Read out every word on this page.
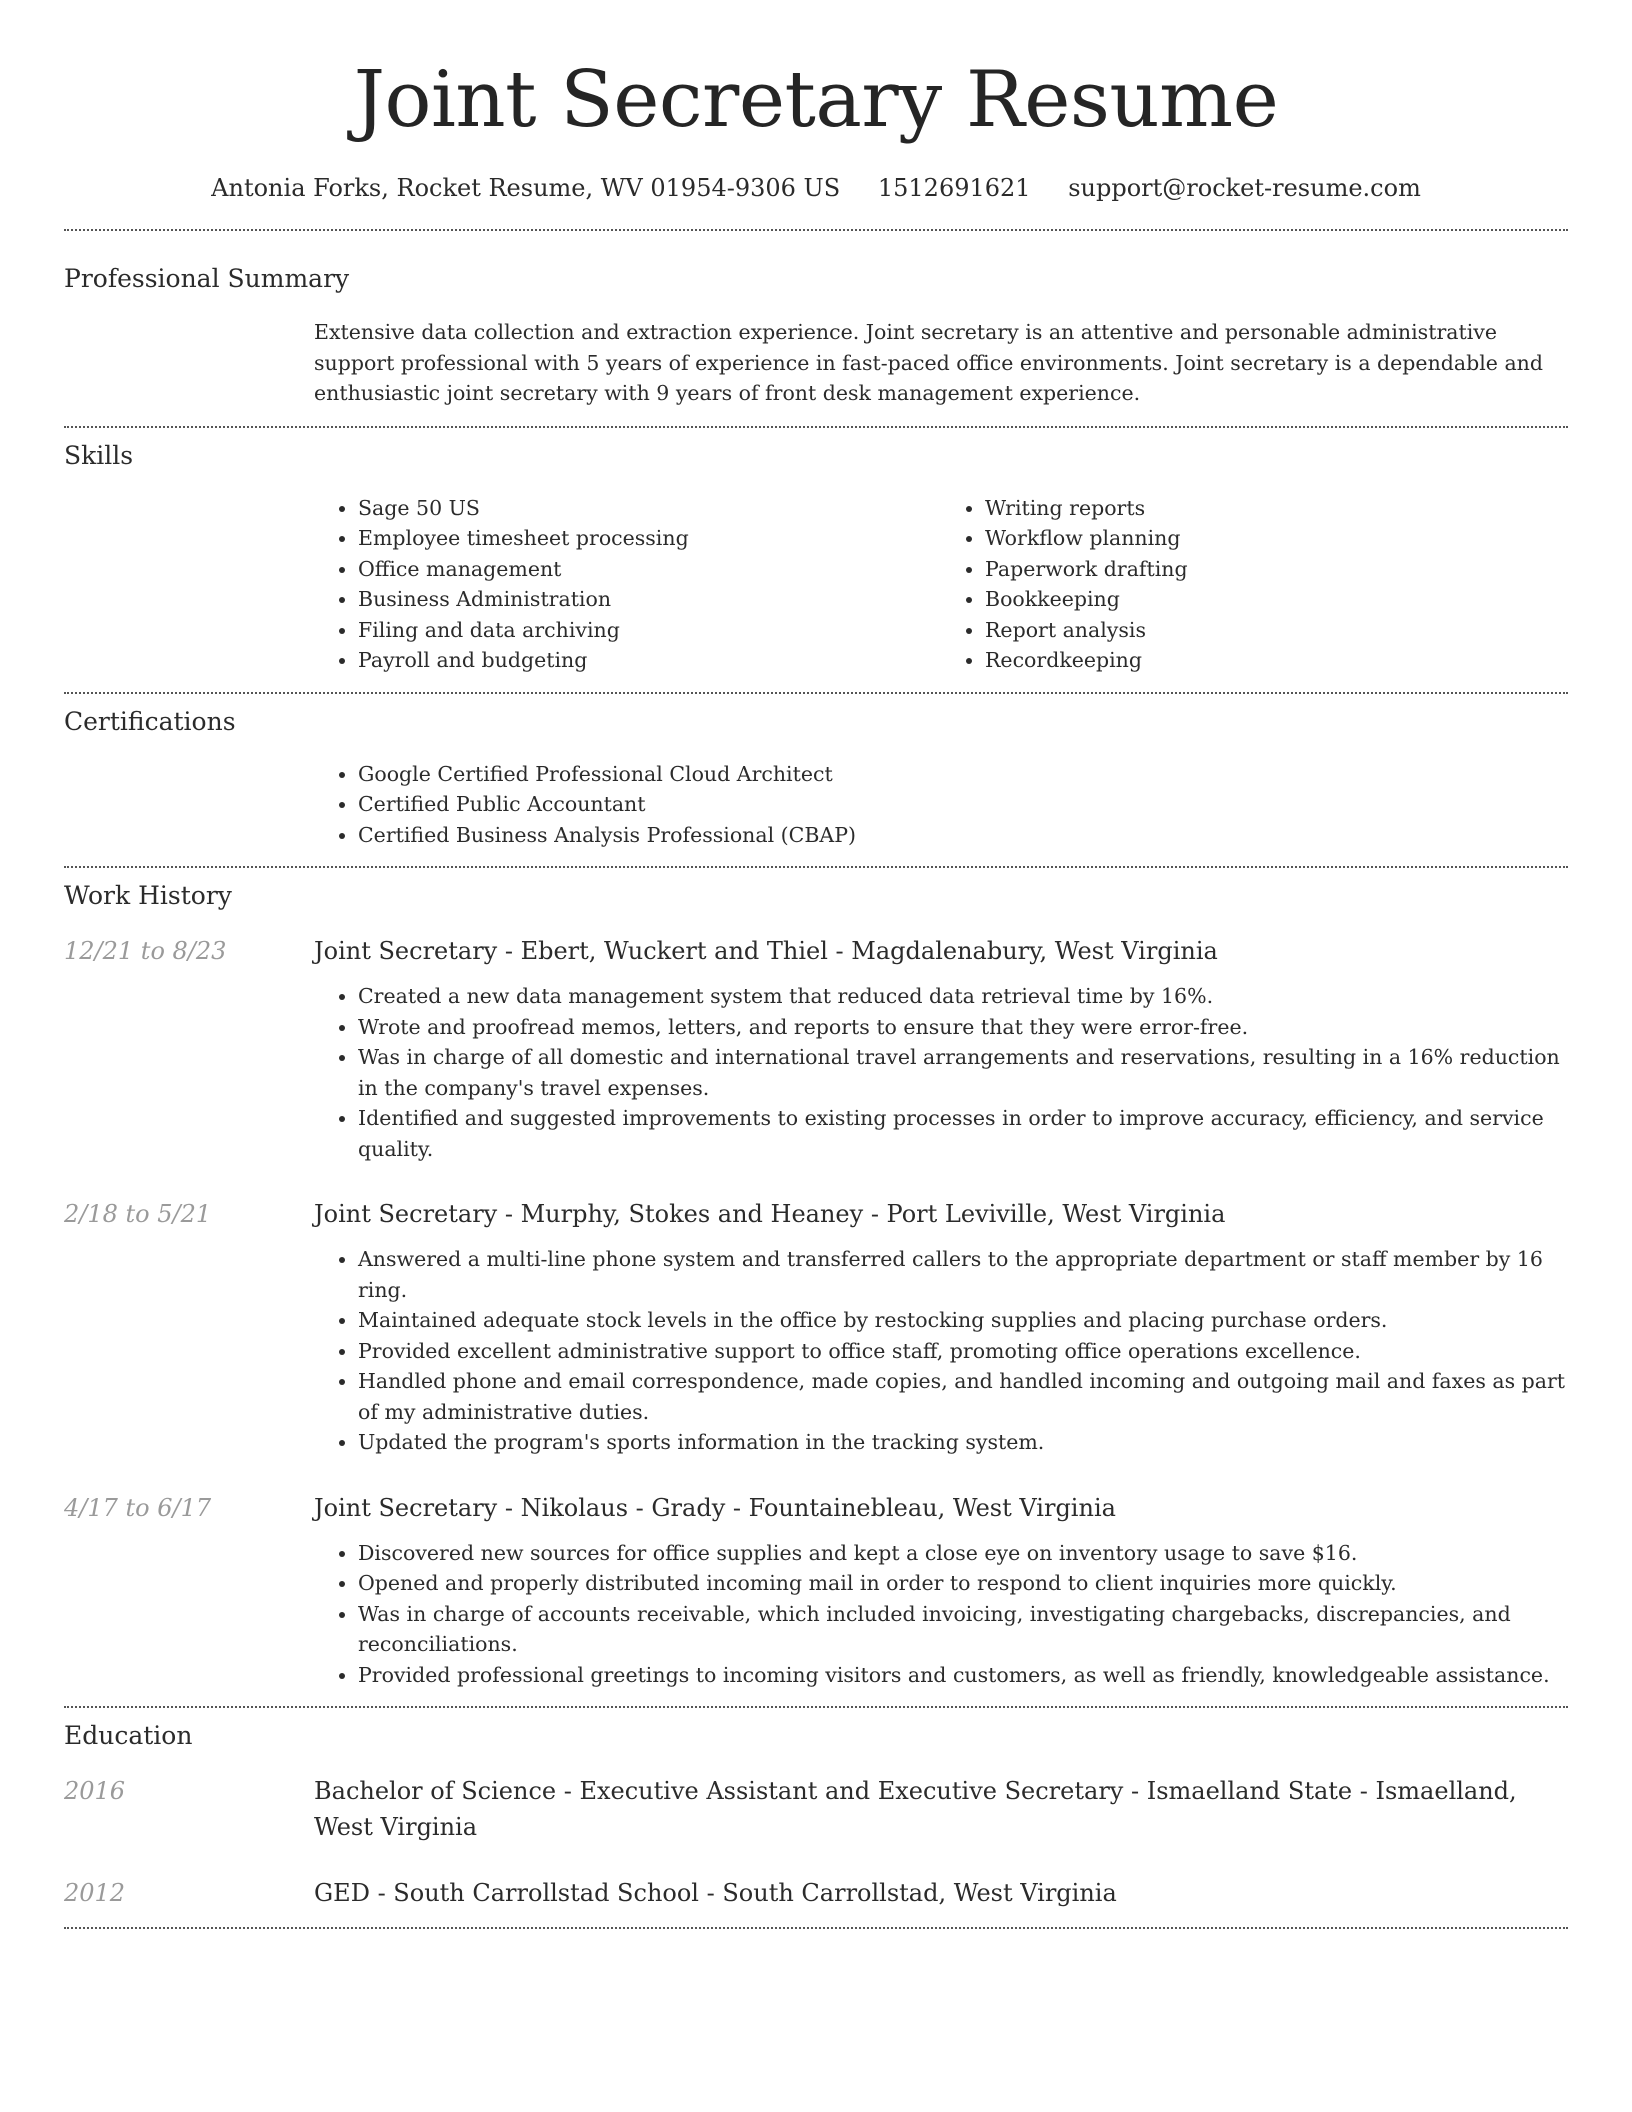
Joint Secretary Resume
Antonia Forks, Rocket Resume, WV 01954-9306 US 1512691621 support@rocket-resume.com
Professional Summary

Extensive data collection and extraction experience. Joint secretary is an attentive and personable administrative support professional with 5 years of experience in fast-paced office environments. Joint secretary is a dependable and enthusiastic joint secretary with 9 years of front desk management experience.

Skills
• Sage 50 US
• Employee timesheet processing
• Office management
• Business Administration
• Filing and data archiving
• Payroll and budgeting
• Writing reports
• Workflow planning
• Paperwork drafting
• Bookkeeping
• Report analysis
• Recordkeeping
Certifications
• Google Certified Professional Cloud Architect
• Certified Public Accountant
• Certified Business Analysis Professional (CBAP)
Work History
12/21 to 8/23	Joint Secretary - Ebert, Wuckert and Thiel - Magdalenabury, West Virginia
• Created a new data management system that reduced data retrieval time by 16%.
• Wrote and proofread memos, letters, and reports to ensure that they were error-free.
• Was in charge of all domestic and international travel arrangements and reservations, resulting in a 16% reduction in the company's travel expenses.
• Identified and suggested improvements to existing processes in order to improve accuracy, efficiency, and service quality.
2/18 to 5/21	Joint Secretary - Murphy, Stokes and Heaney - Port Leviville, West Virginia
• Answered a multi-line phone system and transferred callers to the appropriate department or staff member by 16 ring.
• Maintained adequate stock levels in the office by restocking supplies and placing purchase orders.
• Provided excellent administrative support to office staff, promoting office operations excellence.
• Handled phone and email correspondence, made copies, and handled incoming and outgoing mail and faxes as part of my administrative duties.
• Updated the program's sports information in the tracking system.
4/17 to 6/17	Joint Secretary - Nikolaus - Grady - Fountainebleau, West Virginia
• Discovered new sources for office supplies and kept a close eye on inventory usage to save $16.
• Opened and properly distributed incoming mail in order to respond to client inquiries more quickly.
• Was in charge of accounts receivable, which included invoicing, investigating chargebacks, discrepancies, and reconciliations.
• Provided professional greetings to incoming visitors and customers, as well as friendly, knowledgeable assistance.
Education
2016	Bachelor of Science - Executive Assistant and Executive Secretary - Ismaelland State - Ismaelland, West Virginia
2012	GED - South Carrollstad School - South Carrollstad, West Virginia
